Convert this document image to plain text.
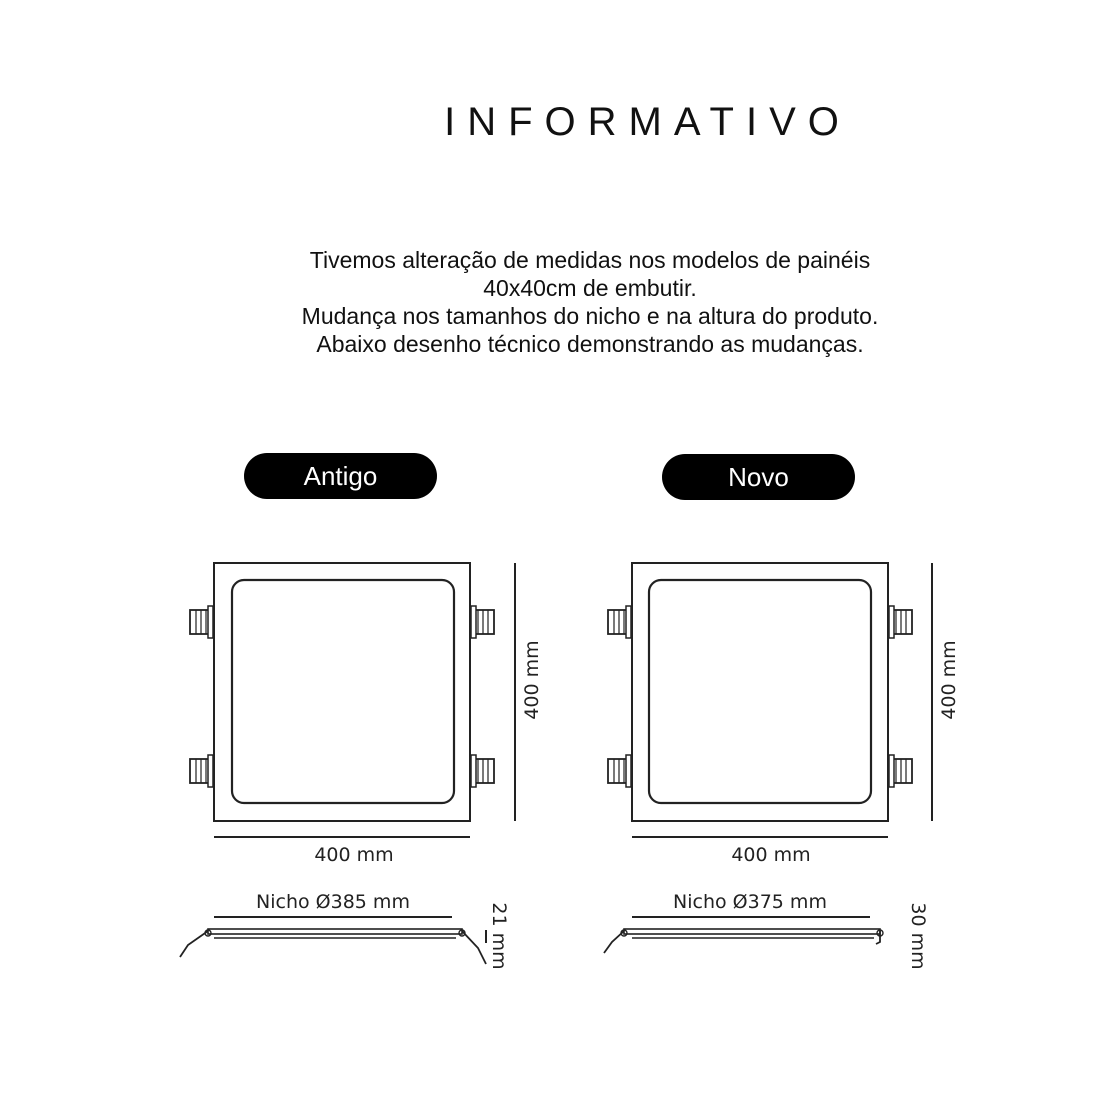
INFORMATIVO
Tivemos alteração de medidas nos modelos de painéis
40x40cm de embutir.
Mudança nos tamanhos do nicho e na altura do produto.
Abaixo desenho técnico demonstrando as mudanças.
Antigo	Novo
400 mm
400 mm
Nicho Ø385 mm
21 mm
400 mm
400 mm
Nicho Ø375 mm
30 mm
